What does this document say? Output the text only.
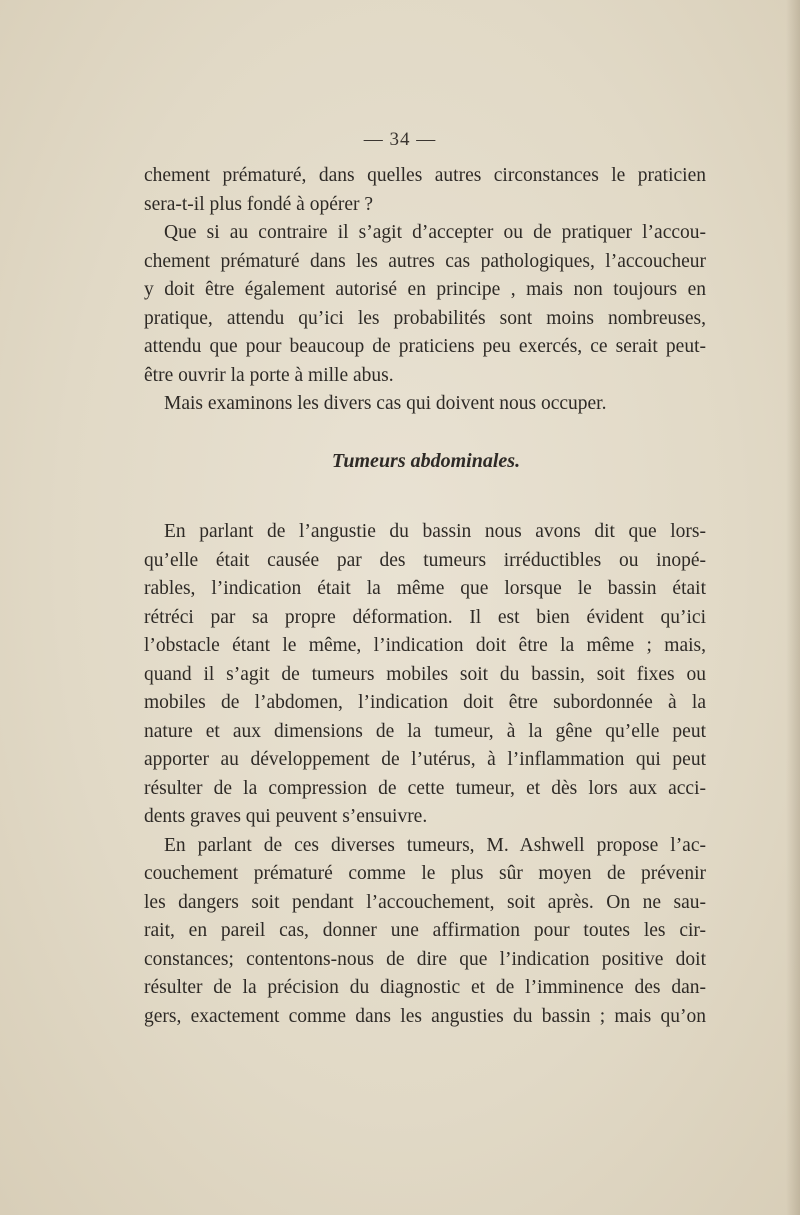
— 34 —
chement prématuré, dans quelles autres circonstances le praticien
sera-t-il plus fondé à opérer ?
Que si au contraire il s’agit d’accepter ou de pratiquer l’accou-
chement prématuré dans les autres cas pathologiques, l’accoucheur
y doit être également autorisé en principe , mais non toujours en
pratique, attendu qu’ici les probabilités sont moins nombreuses,
attendu que pour beaucoup de praticiens peu exercés, ce serait peut-
être ouvrir la porte à mille abus.
Mais examinons les divers cas qui doivent nous occuper.
Tumeurs abdominales.
En parlant de l’angustie du bassin nous avons dit que lors-
qu’elle était causée par des tumeurs irréductibles ou inopé-
rables, l’indication était la même que lorsque le bassin était
rétréci par sa propre déformation. Il est bien évident qu’ici
l’obstacle étant le même, l’indication doit être la même ; mais,
quand il s’agit de tumeurs mobiles soit du bassin, soit fixes ou
mobiles de l’abdomen, l’indication doit être subordonnée à la
nature et aux dimensions de la tumeur, à la gêne qu’elle peut
apporter au développement de l’utérus, à l’inflammation qui peut
résulter de la compression de cette tumeur, et dès lors aux acci-
dents graves qui peuvent s’ensuivre.
En parlant de ces diverses tumeurs, M. Ashwell propose l’ac-
couchement prématuré comme le plus sûr moyen de prévenir
les dangers soit pendant l’accouchement, soit après. On ne sau-
rait, en pareil cas, donner une affirmation pour toutes les cir-
constances; contentons-nous de dire que l’indication positive doit
résulter de la précision du diagnostic et de l’imminence des dan-
gers, exactement comme dans les angusties du bassin ; mais qu’on
